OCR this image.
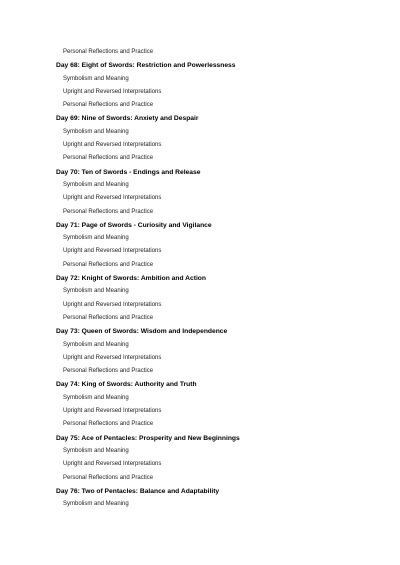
Personal Reflections and Practice
Day 68: Eight of Swords: Restriction and Powerlessness
Symbolism and Meaning
Upright and Reversed Interpretations
Personal Reflections and Practice
Day 69: Nine of Swords: Anxiety and Despair
Symbolism and Meaning
Upright and Reversed Interpretations
Personal Reflections and Practice
Day 70: Ten of Swords - Endings and Release
Symbolism and Meaning
Upright and Reversed Interpretations
Personal Reflections and Practice
Day 71: Page of Swords - Curiosity and Vigilance
Symbolism and Meaning
Upright and Reversed Interpretations
Personal Reflections and Practice
Day 72: Knight of Swords: Ambition and Action
Symbolism and Meaning
Upright and Reversed Interpretations
Personal Reflections and Practice
Day 73: Queen of Swords: Wisdom and Independence
Symbolism and Meaning
Upright and Reversed Interpretations
Personal Reflections and Practice
Day 74: King of Swords: Authority and Truth
Symbolism and Meaning
Upright and Reversed Interpretations
Personal Reflections and Practice
Day 75: Ace of Pentacles: Prosperity and New Beginnings
Symbolism and Meaning
Upright and Reversed Interpretations
Personal Reflections and Practice
Day 76: Two of Pentacles: Balance and Adaptability
Symbolism and Meaning
